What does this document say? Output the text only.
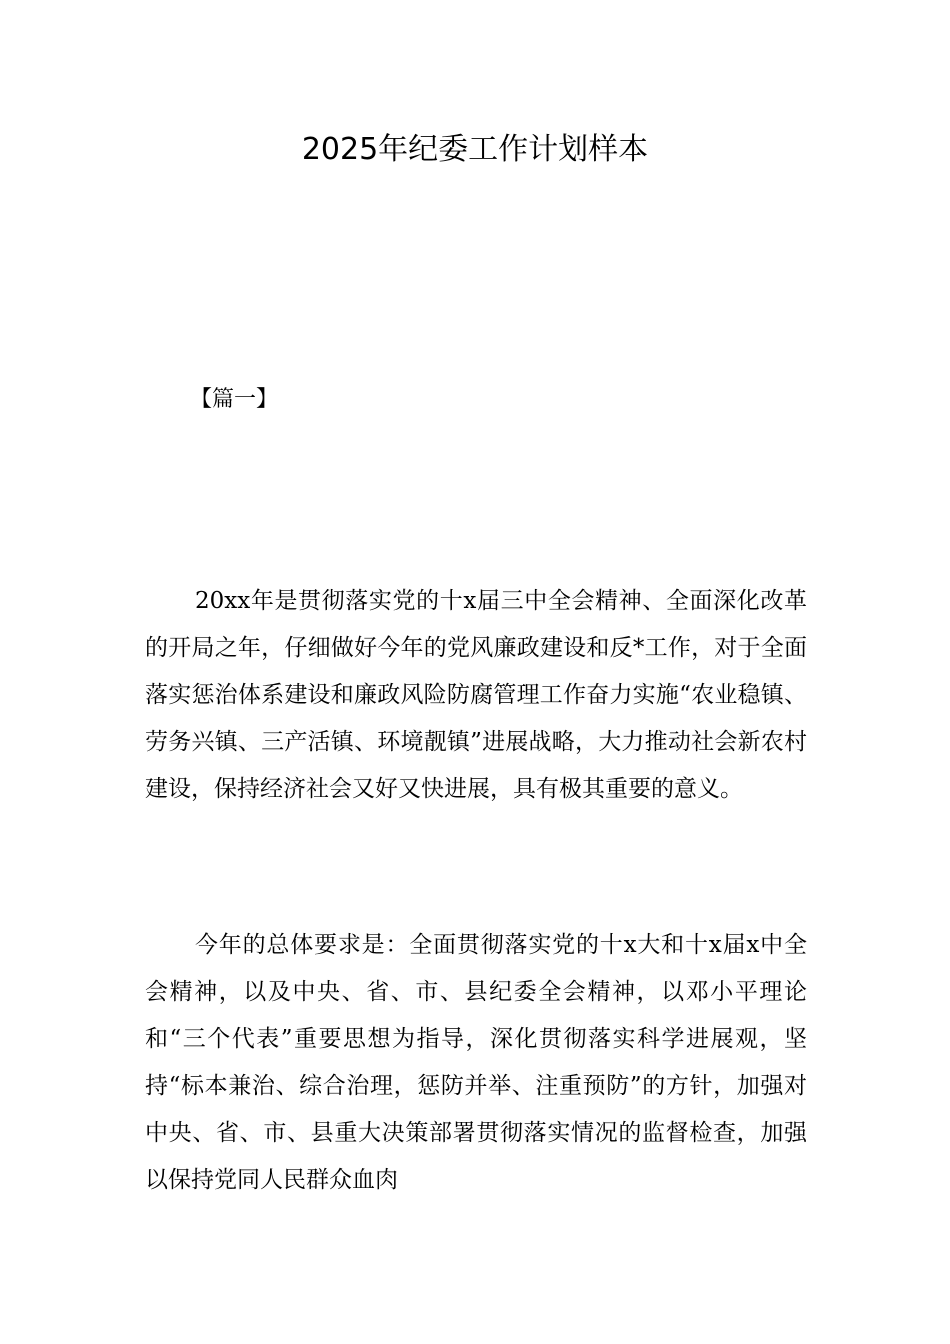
2025年纪委工作计划样本

【篇一】

20xx年是贯彻落实党的十x届三中全会精神、全面深化改革的开局之年，仔细做好今年的党风廉政建设和反*工作，对于全面落实惩治体系建设和廉政风险防腐管理工作奋力实施“农业稳镇、劳务兴镇、三产活镇、环境靓镇”进展战略，大力推动社会新农村建设，保持经济社会又好又快进展，具有极其重要的意义。

今年的总体要求是：全面贯彻落实党的十x大和十x届x中全会精神，以及中央、省、市、县纪委全会精神，以邓小平理论和“三个代表”重要思想为指导，深化贯彻落实科学进展观，坚持“标本兼治、综合治理，惩防并举、注重预防”的方针，加强对中央、省、市、县重大决策部署贯彻落实情况的监督检查，加强以保持党同人民群众血肉
